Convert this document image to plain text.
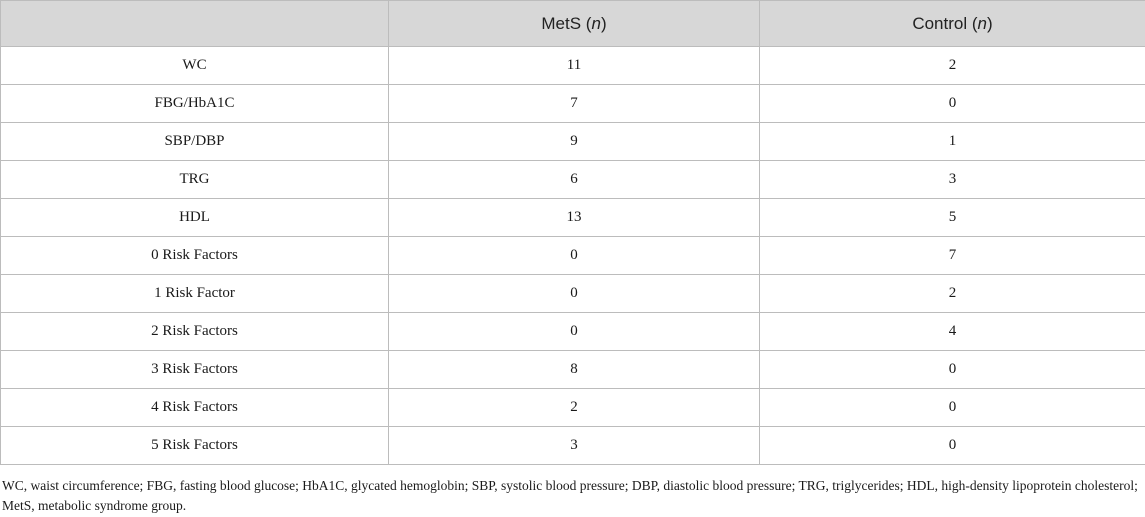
	MetS (n)	Control (n)
WC	11	2
FBG/HbA1C	7	0
SBP/DBP	9	1
TRG	6	3
HDL	13	5
0 Risk Factors	0	7
1 Risk Factor	0	2
2 Risk Factors	0	4
3 Risk Factors	8	0
4 Risk Factors	2	0
5 Risk Factors	3	0
WC, waist circumference; FBG, fasting blood glucose; HbA1C, glycated hemoglobin; SBP, systolic blood pressure; DBP, diastolic blood pressure; TRG, triglycerides; HDL, high-density lipoprotein cholesterol; MetS, metabolic syndrome group.
